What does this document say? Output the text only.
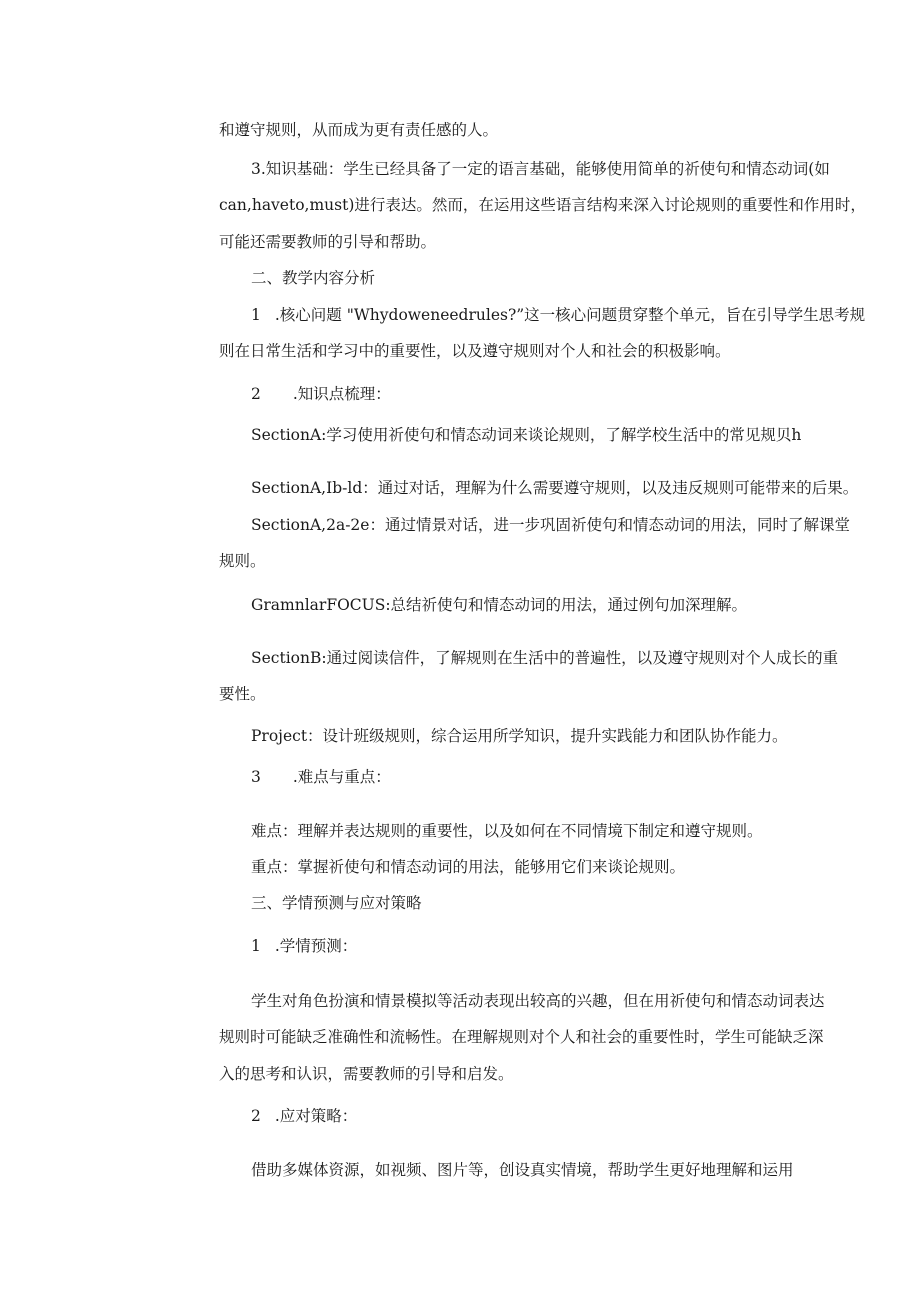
和遵守规则，从而成为更有责任感的人。

3.知识基础：学生已经具备了一定的语言基础，能够使用简单的祈使句和情态动词(如

can,haveto,must)进行表达。然而，在运用这些语言结构来深入讨论规则的重要性和作用时，

可能还需要教师的引导和帮助。

二、教学内容分析

1 .核心问题 "Whydoweneedrules?”这一核心问题贯穿整个单元，旨在引导学生思考规

则在日常生活和学习中的重要性，以及遵守规则对个人和社会的积极影响。

2 .知识点梳理：

SectionA:学习使用祈使句和情态动词来谈论规则，了解学校生活中的常见规贝h

SectionA,Ib-ld：通过对话，理解为什么需要遵守规则，以及违反规则可能带来的后果。

SectionA,2a-2e：通过情景对话，进一步巩固祈使句和情态动词的用法，同时了解课堂

规则。

GramnlarFOCUS:总结祈使句和情态动词的用法，通过例句加深理解。

SectionB:通过阅读信件，了解规则在生活中的普遍性，以及遵守规则对个人成长的重

要性。

Project：设计班级规则，综合运用所学知识，提升实践能力和团队协作能力。

3 .难点与重点：

难点：理解并表达规则的重要性，以及如何在不同情境下制定和遵守规则。

重点：掌握祈使句和情态动词的用法，能够用它们来谈论规则。

三、学情预测与应对策略

1 .学情预测：

学生对角色扮演和情景模拟等活动表现出较高的兴趣，但在用祈使句和情态动词表达

规则时可能缺乏准确性和流畅性。在理解规则对个人和社会的重要性时，学生可能缺乏深

入的思考和认识，需要教师的引导和启发。

2 .应对策略：

借助多媒体资源，如视频、图片等，创设真实情境，帮助学生更好地理解和运用
